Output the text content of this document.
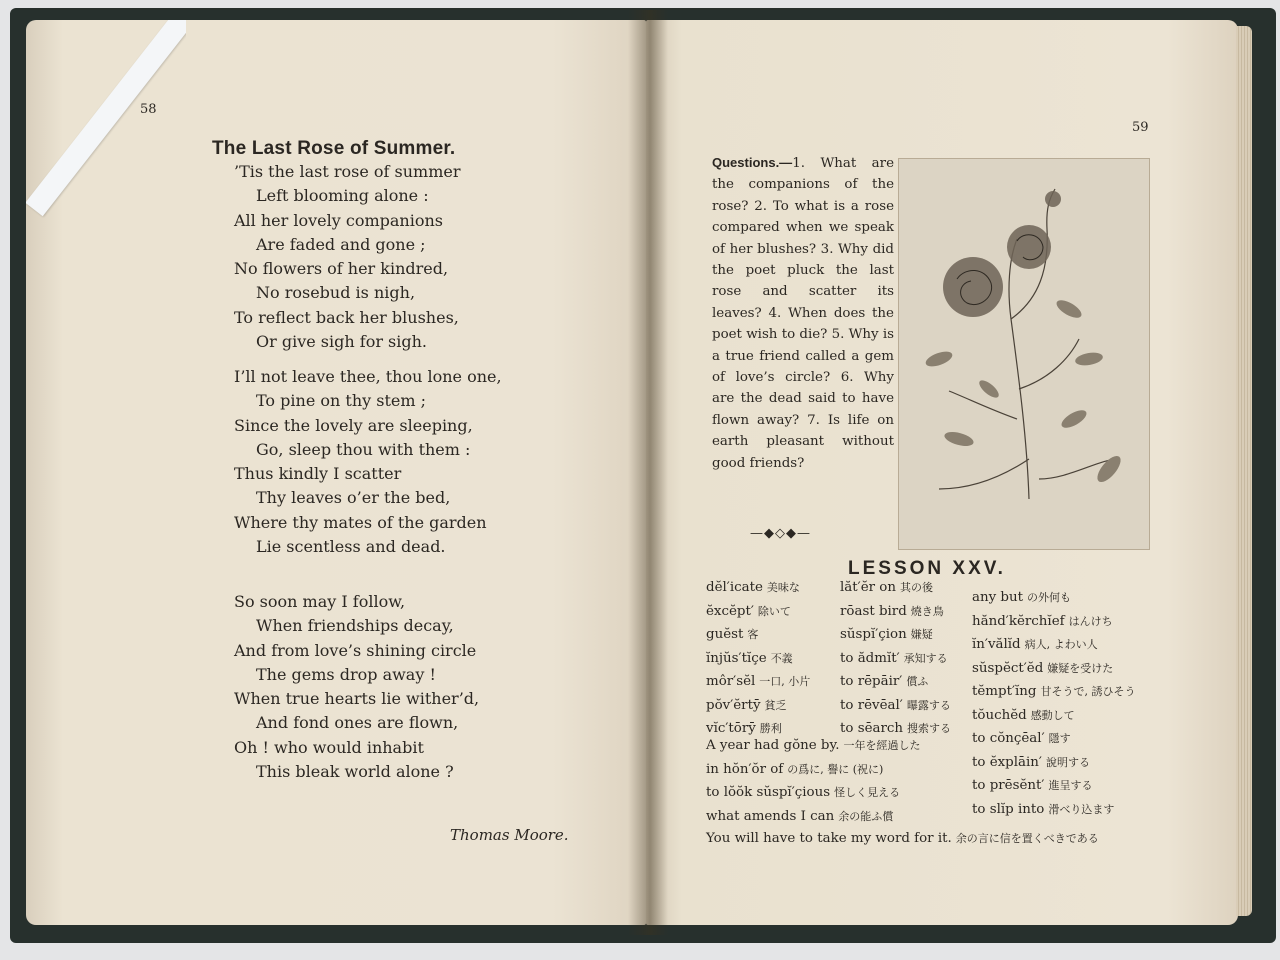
58
The Last Rose of Summer.
’Tis the last rose of summer
Left blooming alone :
All her lovely companions
Are faded and gone ;
No flowers of her kindred,
No rosebud is nigh,
To reflect back her blushes,
Or give sigh for sigh.
I’ll not leave thee, thou lone one,
To pine on thy stem ;
Since the lovely are sleeping,
Go, sleep thou with them :
Thus kindly I scatter
Thy leaves o’er the bed,
Where thy mates of the garden
Lie scentless and dead.
So soon may I follow,
When friendships decay,
And from love’s shining circle
The gems drop away !
When true hearts lie wither’d,
And fond ones are flown,
Oh ! who would inhabit
This bleak world alone ?
Thomas Moore.
59
Questions.—1. What are the companions of the rose? 2. To what is a rose compared when we speak of her blushes? 3. Why did the poet pluck the last rose and scatter its leaves? 4. When does the poet wish to die? 5. Why is a true friend called a gem of love’s circle? 6. Why are the dead said to have flown away? 7. Is life on earth pleasant without good friends?
—◆◇◆—
LESSON XXV.
dĕl′icate 美味な
ĕxcĕpt′ 除いて
guĕst 客
ĭnjŭs′tĭçe 不義
môr′sĕl 一口, 小片
pŏv′ĕrtȳ 貧乏
vĭc′tōrȳ 勝利
lăt′ĕr on 其の後
rōast bird 燒き鳥
sŭspĭ′çion 嫌疑
to ădmĭt′ 承知する
to rēpāir′ 償ふ
to rēvēal′ 曝露する
to sēarch 搜索する
any but の外何も
hănd′kĕrchĭef はんけち
ĭn′vălĭd 病人, よわい人
sŭspĕct′ĕd 嫌疑を受けた
tĕmpt′ĭng 甘そうで, 誘ひそう
tŏuchĕd 感動して
to cŏnçēal′ 隱す
to ĕxplāin′ 說明する
to prēsĕnt′ 進呈する
to slĭp into 滑べり込ます
A year had gŏne by. 一年を經過した
in hŏn′ŏr of の爲に, 譽に (祝に)
to lŏŏk sŭspĭ′çious 怪しく見える
what amends I can 余の能ふ償
You will have to take my word for it. 余の言に信を置くべきである
